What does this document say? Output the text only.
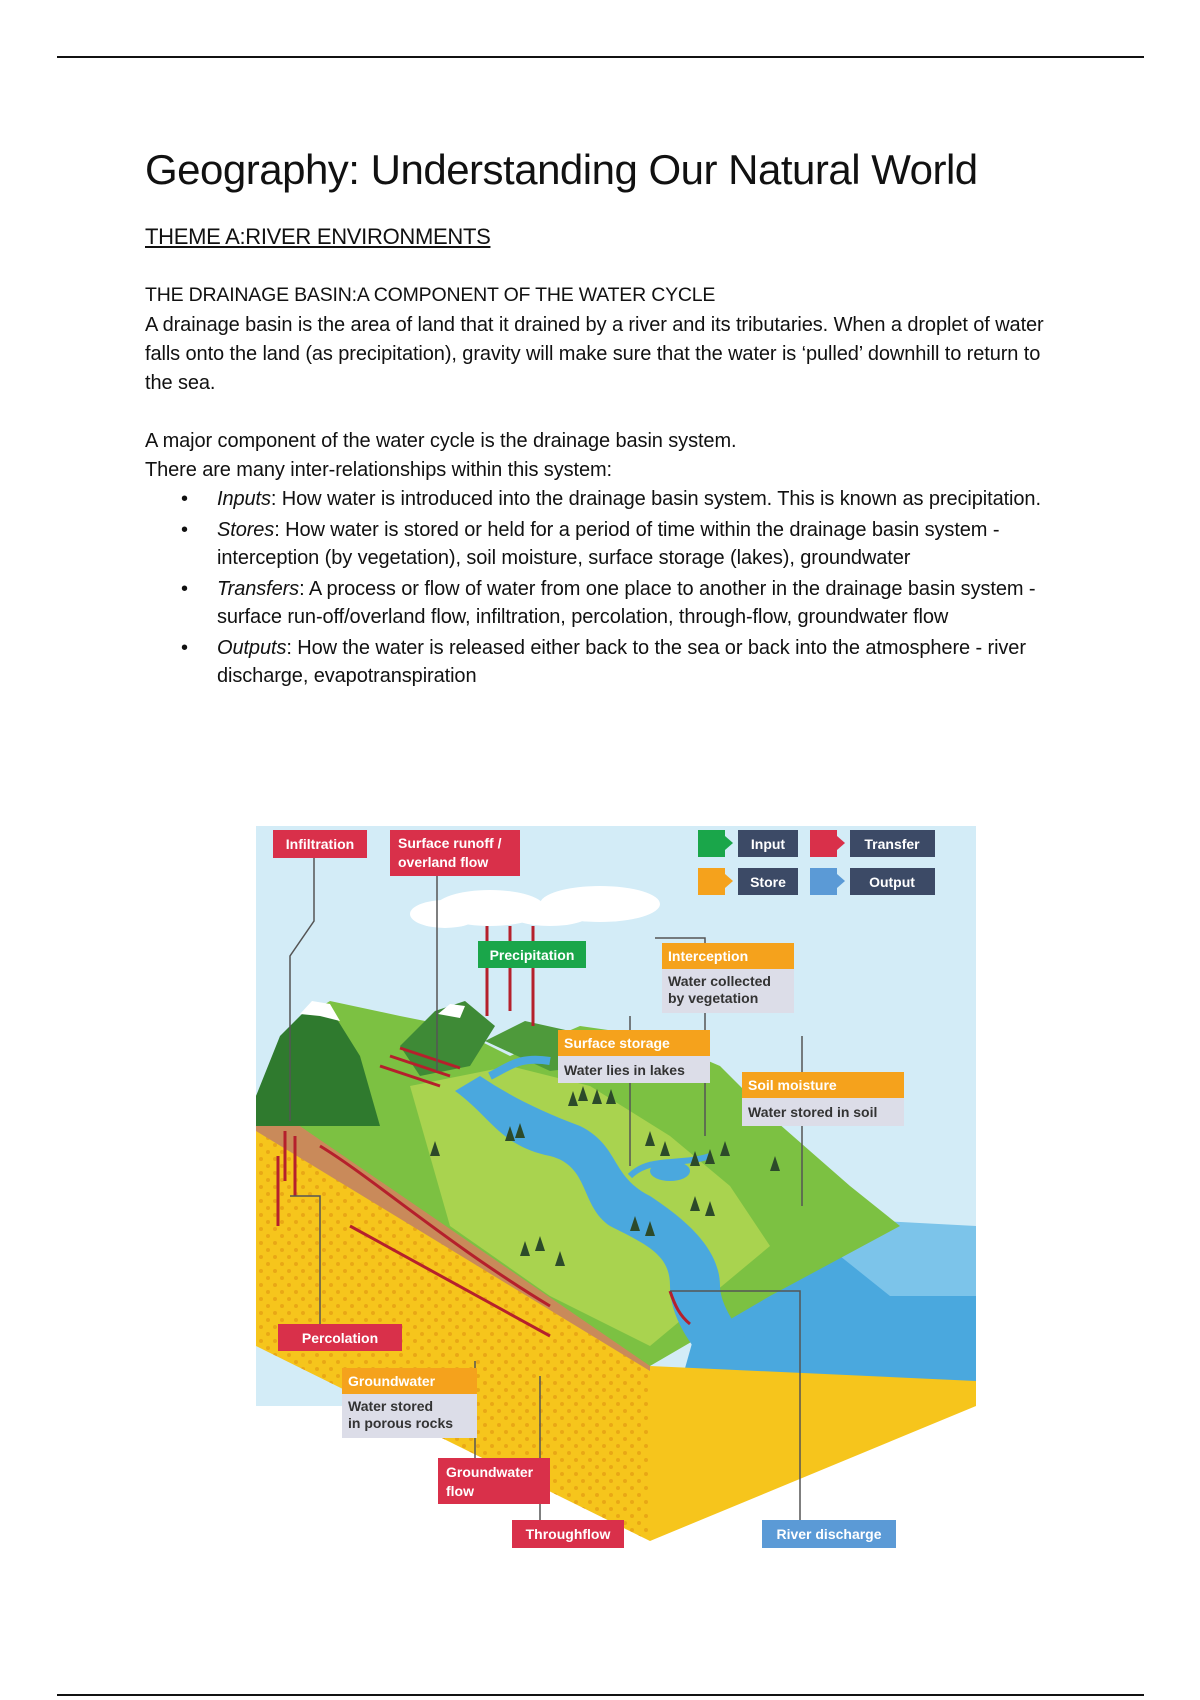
Geography: Understanding Our Natural World
THEME A:RIVER ENVIRONMENTS
THE DRAINAGE BASIN:A COMPONENT OF THE WATER CYCLE

A drainage basin is the area of land that it drained by a river and its tributaries. When a droplet of water falls onto the land (as precipitation), gravity will make sure that the water is ‘pulled’ downhill to return to the sea.

A major component of the water cycle is the drainage basin system.

There are many inter-relationships within this system:

• Inputs: How water is introduced into the drainage basin system. This is known as precipitation.
• Stores: How water is stored or held for a period of time within the drainage basin system - interception (by vegetation), soil moisture, surface storage (lakes), groundwater
• Transfers: A process or flow of water from one place to another in the drainage basin system - surface run-off/overland flow, infiltration, percolation, through-flow, groundwater flow
• Outputs: How the water is released either back to the sea or back into the atmosphere - river discharge, evapotranspiration
Input	Transfer
Store	Output
Infiltration	Surface runoff /
overland flow
Precipitation	Interception
Water collected
by vegetation
Surface storage
Water lies in lakes
Soil moisture
Water stored in soil
Percolation
Groundwater
Water stored
in porous rocks
Groundwater
flow
Throughflow	River discharge
